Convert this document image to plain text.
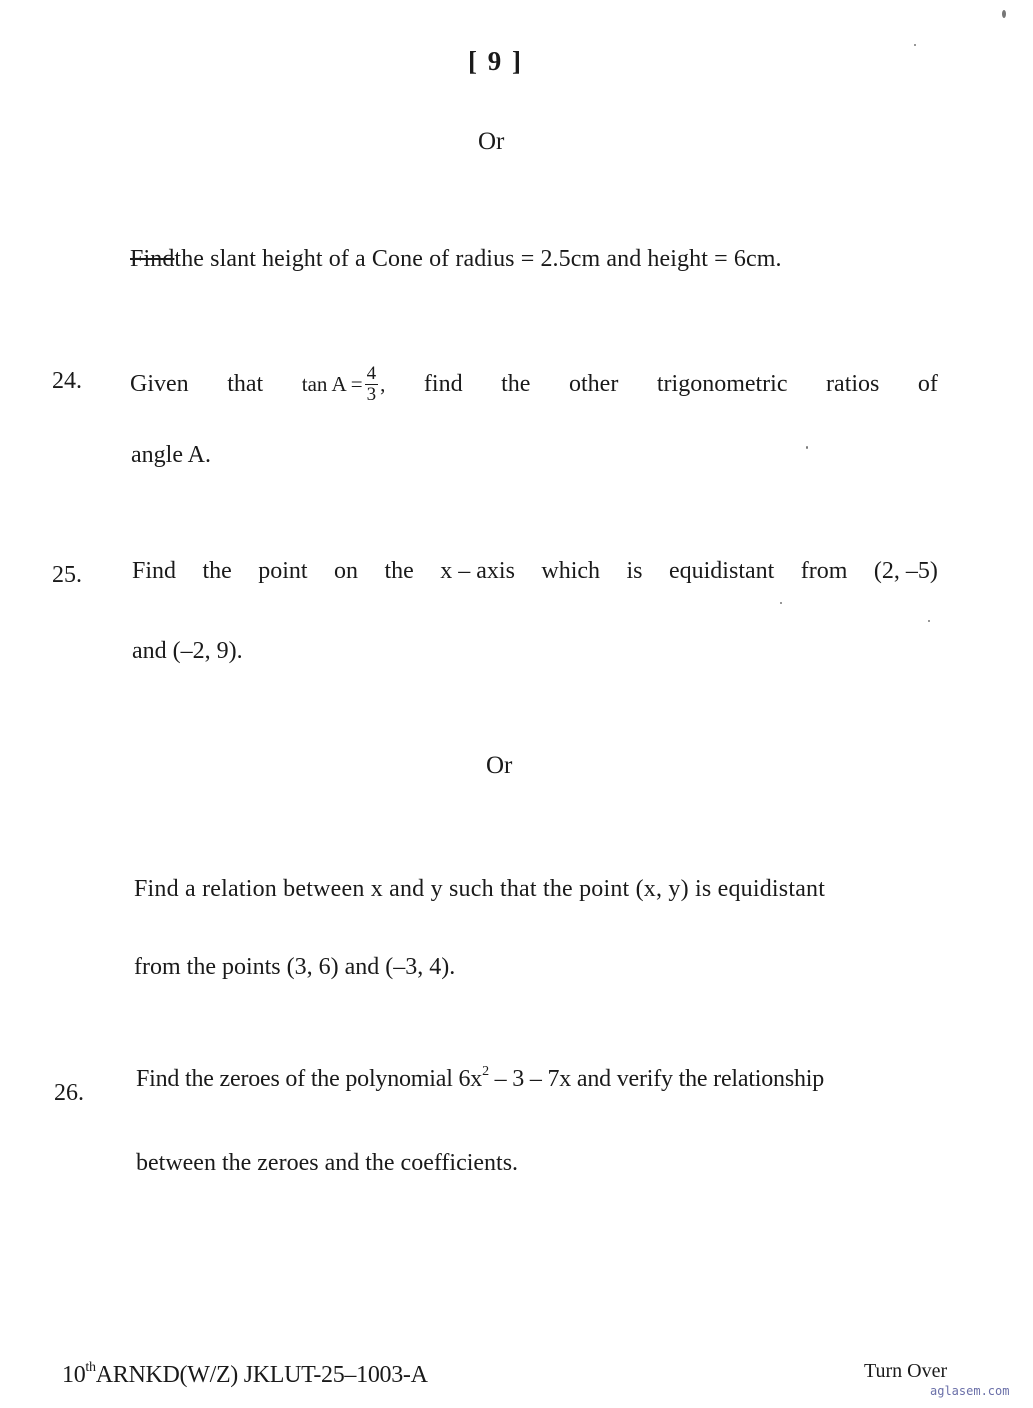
[ 9 ]
Or
Findthe slant height of a Cone of radius = 2.5cm and height = 6cm.
24. Given that $\tan A = \frac{4}{3}$ , find the other trigonometric ratios of
angle A.
25. Find the point on the x – axis which is equidistant from (2, –5)
and (–2, 9).
Or
Find a relation between x and y such that the point (x, y) is equidistant
from the points (3, 6) and (–3, 4).
26.
Find the zeroes of the polynomial $6x^2 - 3 - 7x$ and verify the relationship
between the zeroes and the coefficients.
10thARNKD(W/Z) JKLUT-25–1003-A	Turn Over
aglasem.com
